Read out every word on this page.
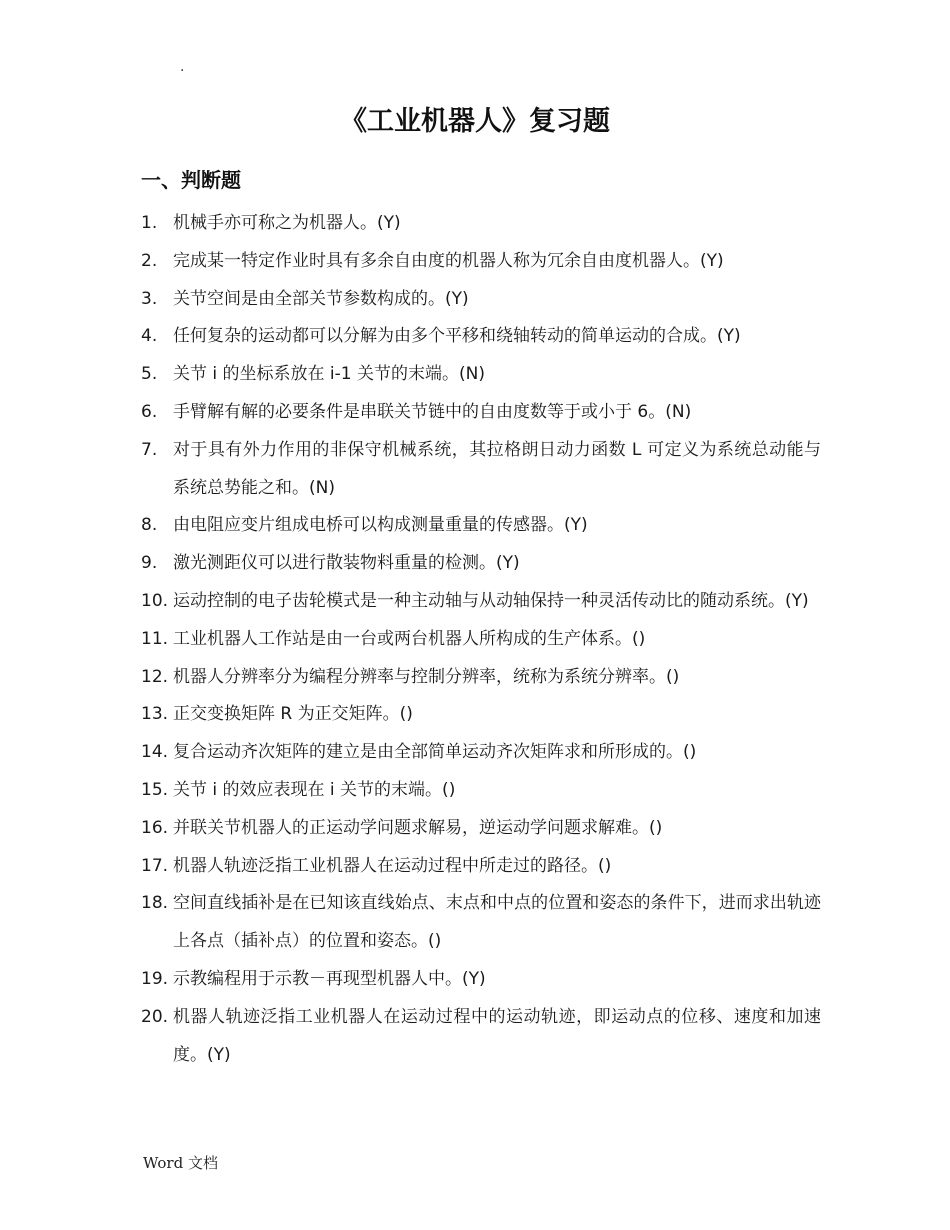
.
《工业机器人》复习题
一、判断题
1. 机械手亦可称之为机器人。(Y)
2. 完成某一特定作业时具有多余自由度的机器人称为冗余自由度机器人。(Y)
3. 关节空间是由全部关节参数构成的。(Y)
4. 任何复杂的运动都可以分解为由多个平移和绕轴转动的简单运动的合成。(Y)
5. 关节 i 的坐标系放在 i-1 关节的末端。(N)
6. 手臂解有解的必要条件是串联关节链中的自由度数等于或小于 6。(N)
7. 对于具有外力作用的非保守机械系统，其拉格朗日动力函数 L 可定义为系统总动能与系统总势能之和。(N)
8. 由电阻应变片组成电桥可以构成测量重量的传感器。(Y)
9. 激光测距仪可以进行散装物料重量的检测。(Y)
10. 运动控制的电子齿轮模式是一种主动轴与从动轴保持一种灵活传动比的随动系统。(Y)
11. 工业机器人工作站是由一台或两台机器人所构成的生产体系。()
12. 机器人分辨率分为编程分辨率与控制分辨率，统称为系统分辨率。()
13. 正交变换矩阵 R 为正交矩阵。()
14. 复合运动齐次矩阵的建立是由全部简单运动齐次矩阵求和所形成的。()
15. 关节 i 的效应表现在 i 关节的末端。()
16. 并联关节机器人的正运动学问题求解易，逆运动学问题求解难。()
17. 机器人轨迹泛指工业机器人在运动过程中所走过的路径。()
18. 空间直线插补是在已知该直线始点、末点和中点的位置和姿态的条件下，进而求出轨迹上各点（插补点）的位置和姿态。()
19. 示教编程用于示教－再现型机器人中。(Y)
20. 机器人轨迹泛指工业机器人在运动过程中的运动轨迹，即运动点的位移、速度和加速度。(Y)
Word 文档
